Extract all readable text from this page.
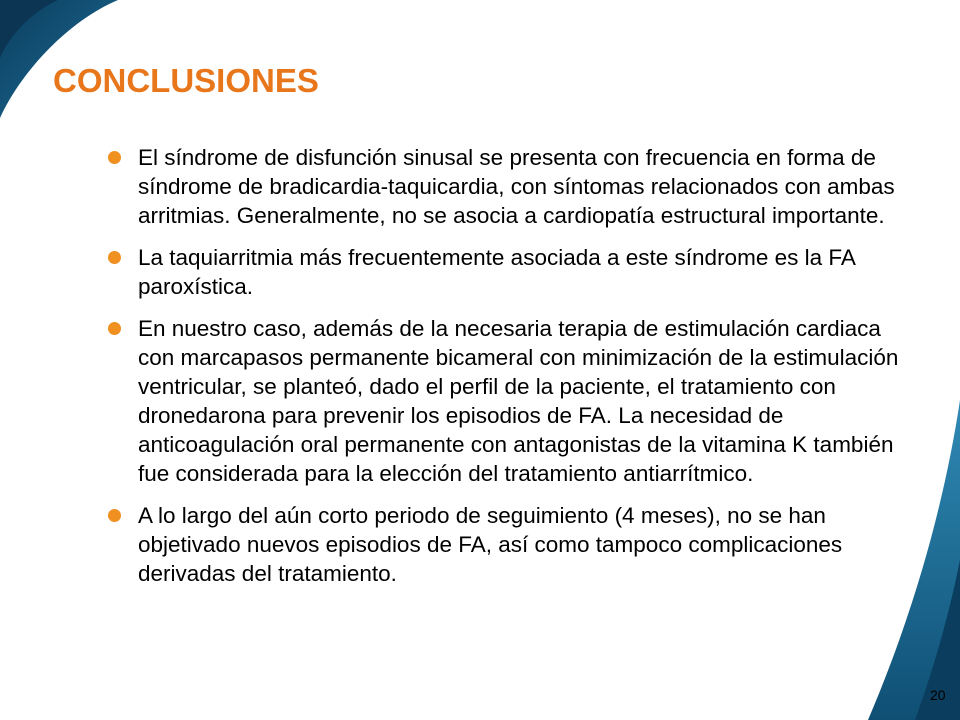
CONCLUSIONES
El síndrome de disfunción sinusal se presenta con frecuencia en forma de síndrome de bradicardia-taquicardia, con síntomas relacionados con ambas arritmias. Generalmente, no se asocia a cardiopatía estructural importante.
La taquiarritmia más frecuentemente asociada a este síndrome es la FA paroxística.
En nuestro caso, además de la necesaria terapia de estimulación cardiaca con marcapasos permanente bicameral con minimización de la estimulación ventricular, se planteó, dado el perfil de la paciente, el tratamiento con dronedarona para prevenir los episodios de FA. La necesidad de anticoagulación oral permanente con antagonistas de la vitamina K también fue considerada para la elección del tratamiento antiarrítmico.
A lo largo del aún corto periodo de seguimiento (4 meses), no se han objetivado nuevos episodios de FA, así como tampoco complicaciones derivadas del tratamiento.
20
